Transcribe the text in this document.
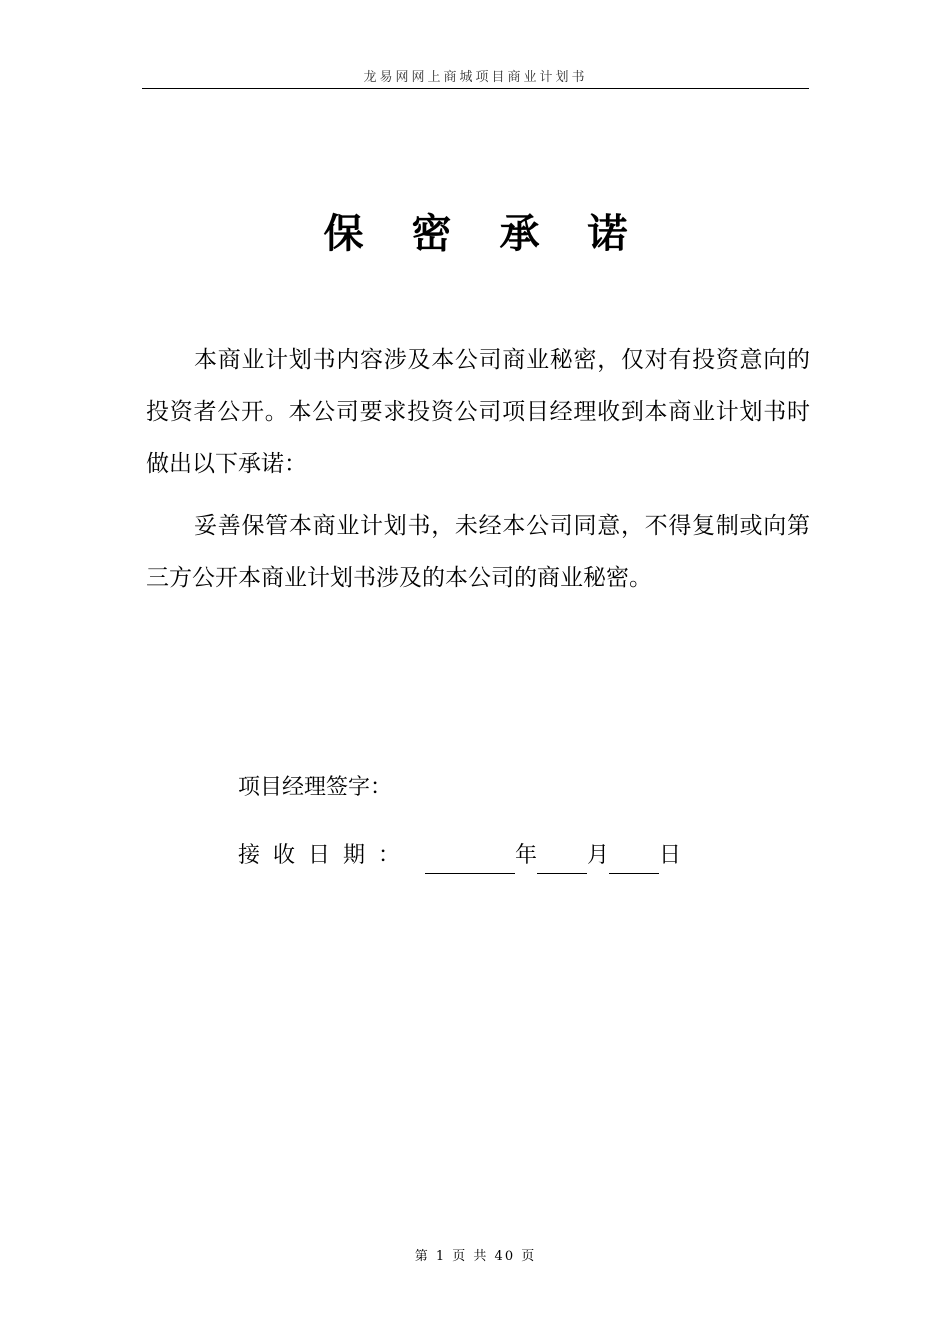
龙易网网上商城项目商业计划书
保密承诺

本商业计划书内容涉及本公司商业秘密，仅对有投资意向的投资者公开。本公司要求投资公司项目经理收到本商业计划书时做出以下承诺：

妥善保管本商业计划书，未经本公司同意，不得复制或向第三方公开本商业计划书涉及的本公司的商业秘密。

项目经理签字：
接收日期：	年 月 日
第 1 页 共 40 页
